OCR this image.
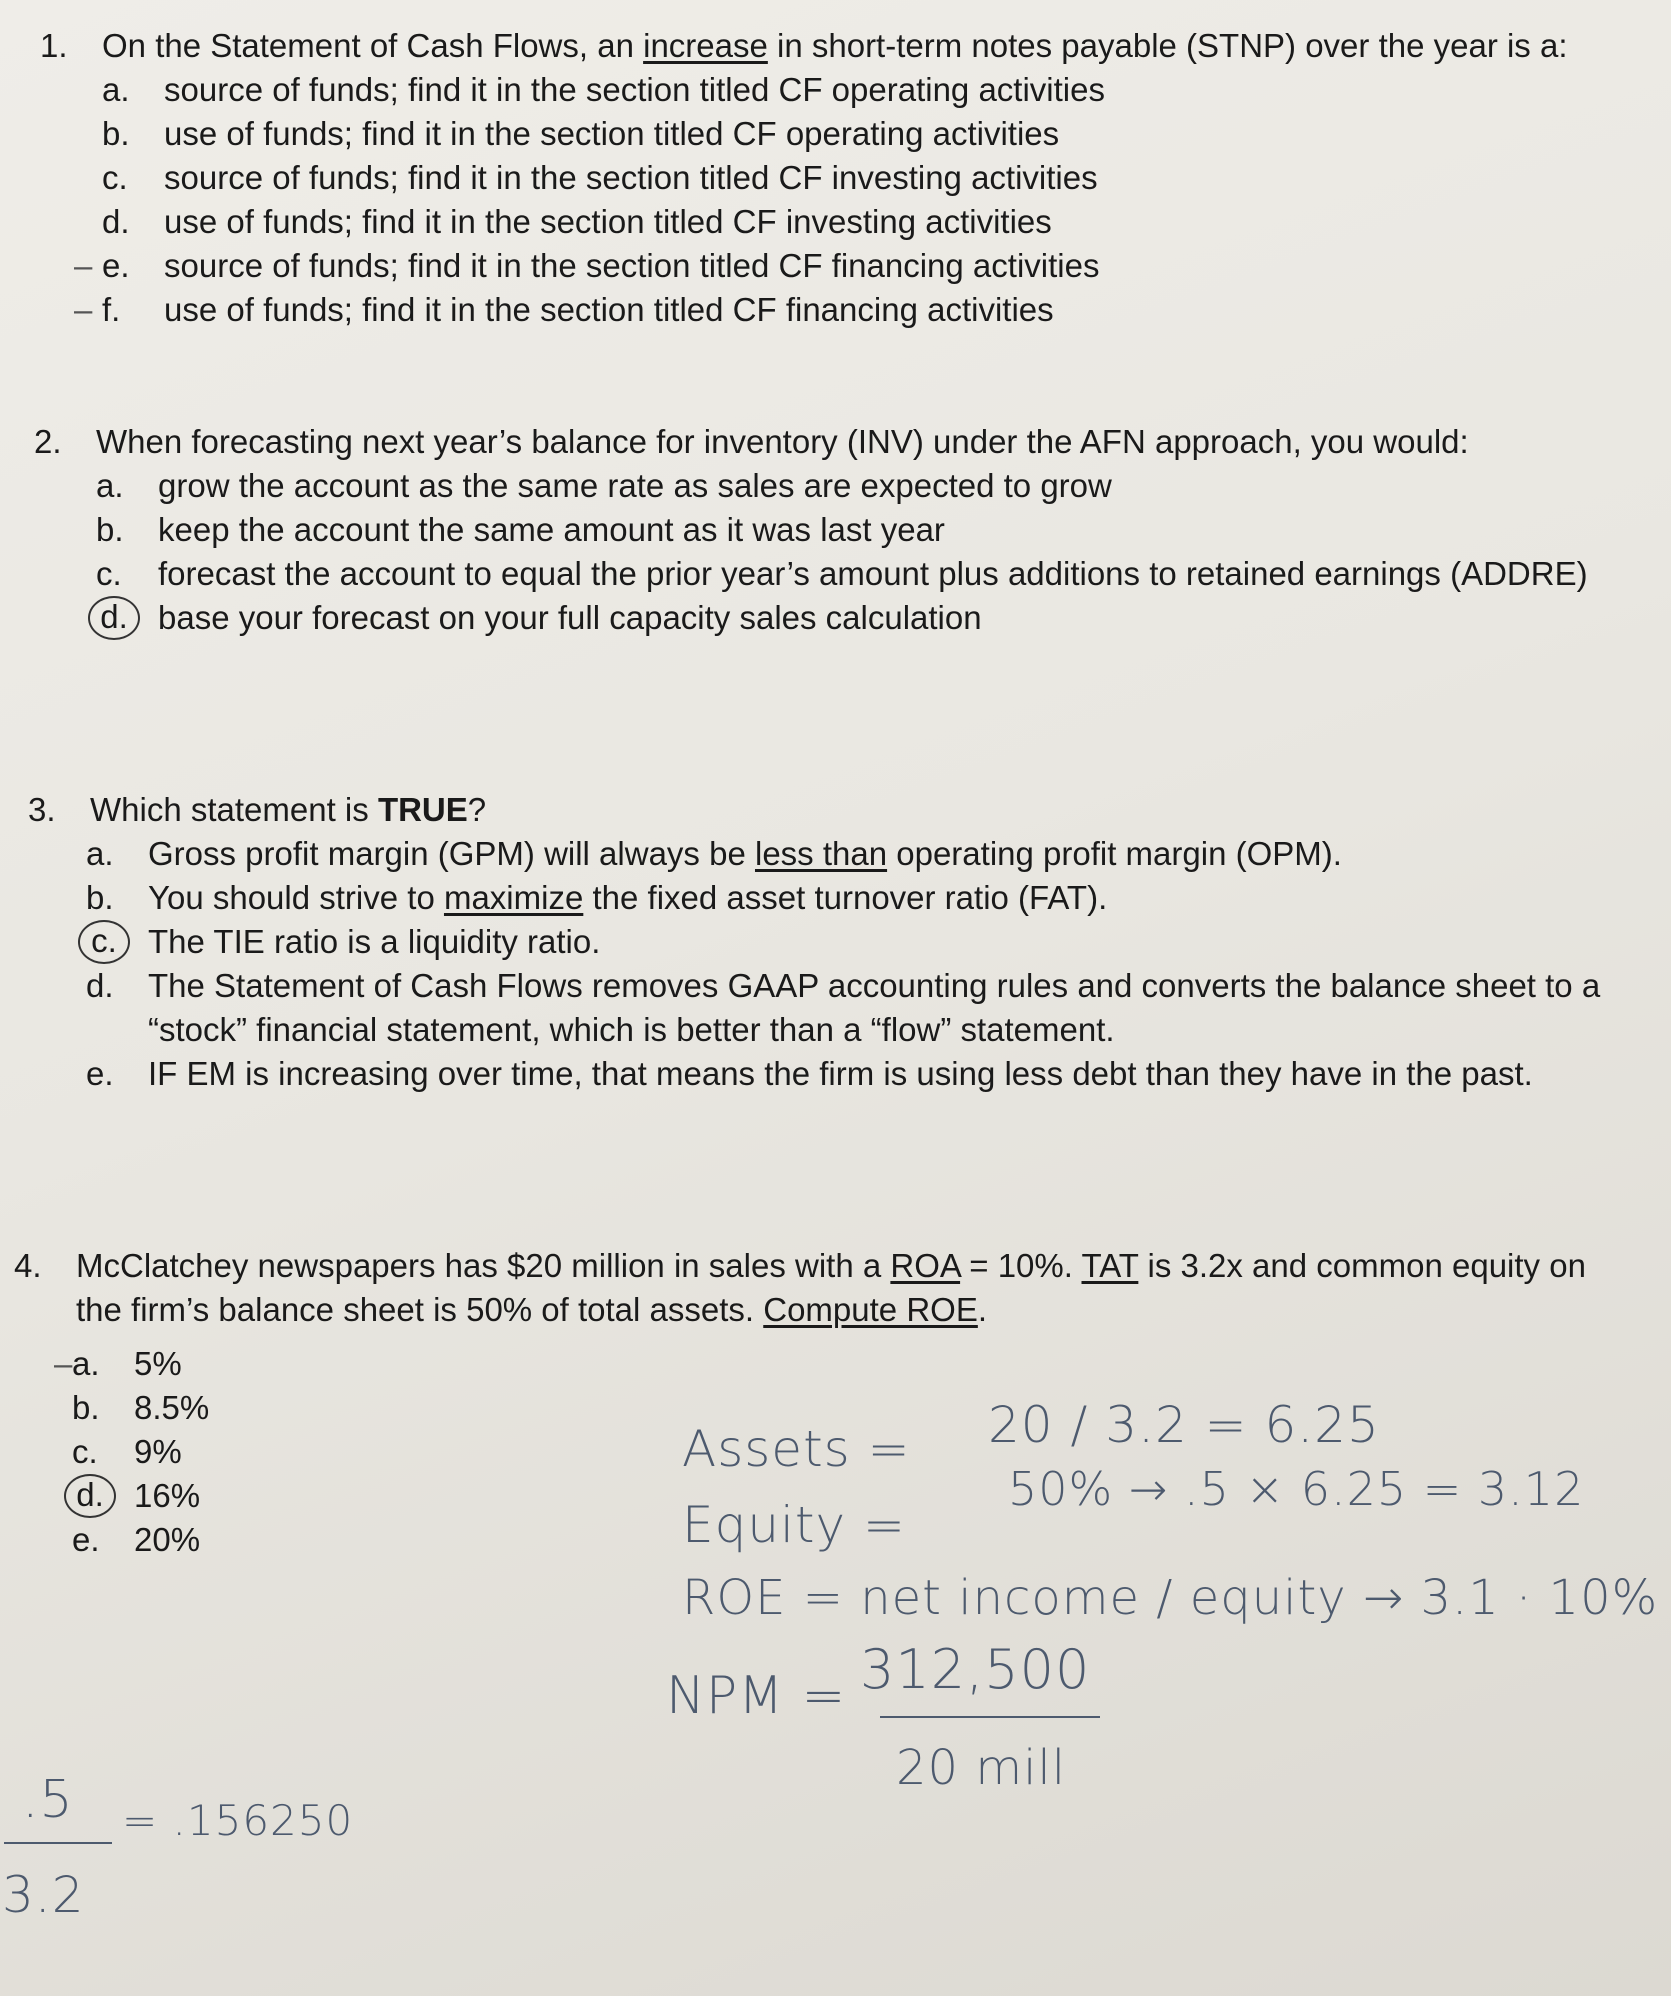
1.	On the Statement of Cash Flows, an increase in short-term notes payable (STNP) over the year is a:
a.	source of funds; find it in the section titled CF operating activities
b.	use of funds; find it in the section titled CF operating activities
c.	source of funds; find it in the section titled CF investing activities
d.	use of funds; find it in the section titled CF investing activities
– e.	source of funds; find it in the section titled CF financing activities
– f.	use of funds; find it in the section titled CF financing activities
2.	When forecasting next year’s balance for inventory (INV) under the AFN approach, you would:
a.	grow the account as the same rate as sales are expected to grow
b.	keep the account the same amount as it was last year
c.	forecast the account to equal the prior year’s amount plus additions to retained earnings (ADDRE)
d. base your forecast on your full capacity sales calculation
3.	Which statement is TRUE?
a.	Gross profit margin (GPM) will always be less than operating profit margin (OPM).
b.	You should strive to maximize the fixed asset turnover ratio (FAT).
c. The TIE ratio is a liquidity ratio.
d.	The Statement of Cash Flows removes GAAP accounting rules and converts the balance sheet to a “stock” financial statement, which is better than a “flow” statement.
e.	IF EM is increasing over time, that means the firm is using less debt than they have in the past.
4.	McClatchey newspapers has $20 million in sales with a ROA = 10%. TAT is 3.2x and common equity on the firm’s balance sheet is 50% of total assets. Compute ROE.
– a.	5%
b.	8.5%
c.	9%
d. 16%
e.	20%
Assets = 20 / 3.2 = 6.25
Equity =
50% → .5 × 6.25 = 3.12
ROE = net income / equity → 3.1 · 10%
NPM = 312,500
20 mill
.5 = .156250
3.2
